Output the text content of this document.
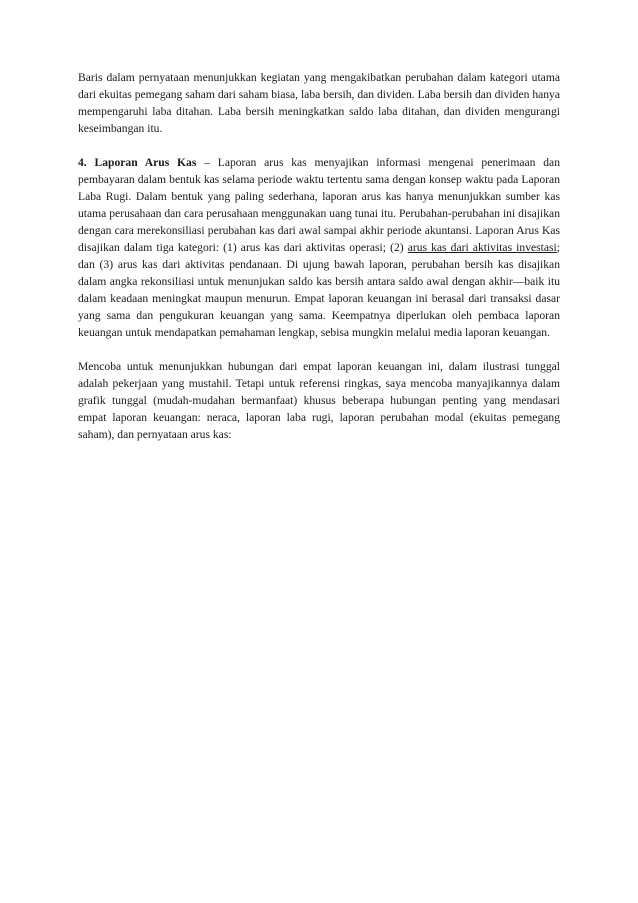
Baris dalam pernyataan menunjukkan kegiatan yang mengakibatkan perubahan dalam kategori utama dari ekuitas pemegang saham dari saham biasa, laba bersih, dan dividen. Laba bersih dan dividen hanya mempengaruhi laba ditahan. Laba bersih meningkatkan saldo laba ditahan, dan dividen mengurangi keseimbangan itu.

4. Laporan Arus Kas – Laporan arus kas menyajikan informasi mengenai penerimaan dan pembayaran dalam bentuk kas selama periode waktu tertentu sama dengan konsep waktu pada Laporan Laba Rugi. Dalam bentuk yang paling sederhana, laporan arus kas hanya menunjukkan sumber kas utama perusahaan dan cara perusahaan menggunakan uang tunai itu. Perubahan-perubahan ini disajikan dengan cara merekonsiliasi perubahan kas dari awal sampai akhir periode akuntansi. Laporan Arus Kas disajikan dalam tiga kategori: (1) arus kas dari aktivitas operasi; (2) arus kas dari aktivitas investasi; dan (3) arus kas dari aktivitas pendanaan. Di ujung bawah laporan, perubahan bersih kas disajikan dalam angka rekonsiliasi untuk menunjukan saldo kas bersih antara saldo awal dengan akhir—baik itu dalam keadaan meningkat maupun menurun. Empat laporan keuangan ini berasal dari transaksi dasar yang sama dan pengukuran keuangan yang sama. Keempatnya diperlukan oleh pembaca laporan keuangan untuk mendapatkan pemahaman lengkap, sebisa mungkin melalui media laporan keuangan.

Mencoba untuk menunjukkan hubungan dari empat laporan keuangan ini, dalam ilustrasi tunggal adalah pekerjaan yang mustahil. Tetapi untuk referensi ringkas, saya mencoba manyajikannya dalam grafik tunggal (mudah-mudahan bermanfaat) khusus beberapa hubungan penting yang mendasari empat laporan keuangan: neraca, laporan laba rugi, laporan perubahan modal (ekuitas pemegang saham), dan pernyataan arus kas:
